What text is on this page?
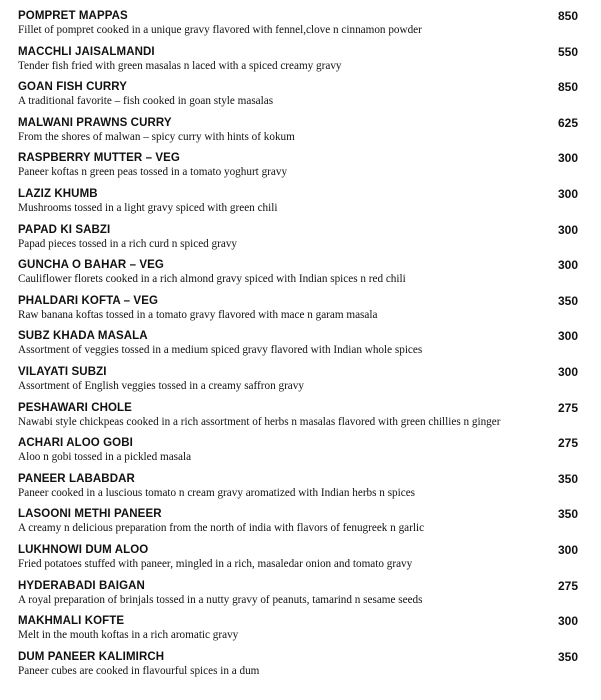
POMPRET MAPPAS
Fillet of pompret cooked in a unique gravy flavored with fennel,clove n cinnamon powder
850
MACCHLI JAISALMANDI
Tender fish fried with green masalas n laced with a spiced creamy gravy
550
GOAN FISH CURRY
A traditional favorite – fish cooked in goan style masalas
850
MALWANI PRAWNS CURRY
From the shores of malwan – spicy curry with hints of kokum
625
RASPBERRY MUTTER – VEG
Paneer koftas n green peas tossed in a tomato yoghurt gravy
300
LAZIZ KHUMB
Mushrooms tossed in a light gravy spiced with green chili
300
PAPAD KI SABZI
Papad pieces tossed in a rich curd n spiced gravy
300
GUNCHA O BAHAR – VEG
Cauliflower florets cooked in a rich almond gravy spiced with Indian spices n red chili
300
PHALDARI KOFTA – VEG
Raw banana koftas tossed in a tomato gravy flavored with mace n garam masala
350
SUBZ KHADA MASALA
Assortment of veggies tossed in a medium spiced gravy flavored with Indian whole spices
300
VILAYATI SUBZI
Assortment of English veggies tossed in a creamy saffron gravy
300
PESHAWARI CHOLE
Nawabi style chickpeas cooked in a rich assortment of herbs n masalas flavored with green chillies n ginger
275
ACHARI ALOO GOBI
Aloo n gobi tossed in a pickled masala
275
PANEER LABABDAR
Paneer cooked in a luscious tomato n cream gravy aromatized with Indian herbs n spices
350
LASOONI METHI PANEER
A creamy n delicious preparation from the north of india with flavors of fenugreek n garlic
350
LUKHNOWI DUM ALOO
Fried potatoes stuffed with paneer, mingled in a rich, masaledar onion and tomato gravy
300
HYDERABADI BAIGAN
A royal preparation of brinjals tossed in a nutty gravy of peanuts, tamarind n sesame seeds
275
MAKHMALI KOFTE
Melt in the mouth koftas in a rich aromatic gravy
300
DUM PANEER KALIMIRCH
Paneer cubes are cooked in flavourful spices in a dum
350
